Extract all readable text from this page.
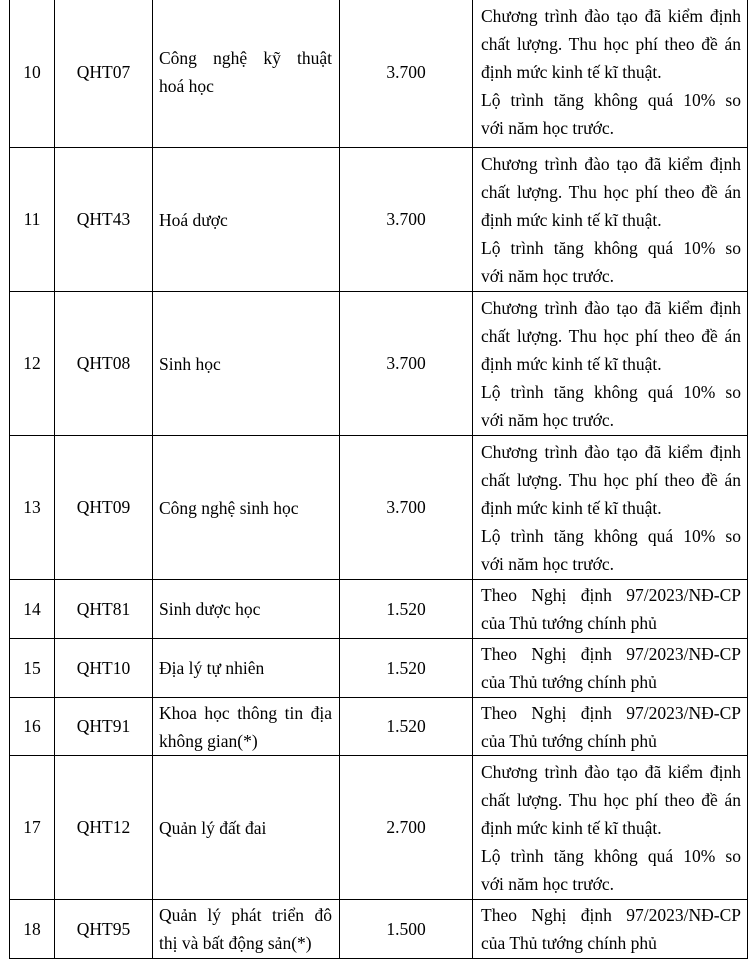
10	QHT07	Công nghệ kỹ thuật
hoá học	3.700	Chương trình đào tạo đã kiểm định
chất lượng. Thu học phí theo đề án
định mức kinh tế kĩ thuật.
Lộ trình tăng không quá 10% so
với năm học trước.

11	QHT43	Hoá dược	3.700	Chương trình đào tạo đã kiểm định
chất lượng. Thu học phí theo đề án
định mức kinh tế kĩ thuật.
Lộ trình tăng không quá 10% so
với năm học trước.

12	QHT08	Sinh học	3.700	Chương trình đào tạo đã kiểm định
chất lượng. Thu học phí theo đề án
định mức kinh tế kĩ thuật.
Lộ trình tăng không quá 10% so
với năm học trước.

13	QHT09	Công nghệ sinh học	3.700	Chương trình đào tạo đã kiểm định
chất lượng. Thu học phí theo đề án
định mức kinh tế kĩ thuật.
Lộ trình tăng không quá 10% so
với năm học trước.

14	QHT81	Sinh dược học	1.520	Theo Nghị định 97/2023/NĐ-CP
của Thủ tướng chính phủ

15	QHT10	Địa lý tự nhiên	1.520	Theo Nghị định 97/2023/NĐ-CP
của Thủ tướng chính phủ

16	QHT91	Khoa học thông tin địa
không gian(*)	1.520	Theo Nghị định 97/2023/NĐ-CP
của Thủ tướng chính phủ

17	QHT12	Quản lý đất đai	2.700	Chương trình đào tạo đã kiểm định
chất lượng. Thu học phí theo đề án
định mức kinh tế kĩ thuật.
Lộ trình tăng không quá 10% so
với năm học trước.

18	QHT95	Quản lý phát triển đô
thị và bất động sản(*)	1.500	Theo Nghị định 97/2023/NĐ-CP
của Thủ tướng chính phủ
